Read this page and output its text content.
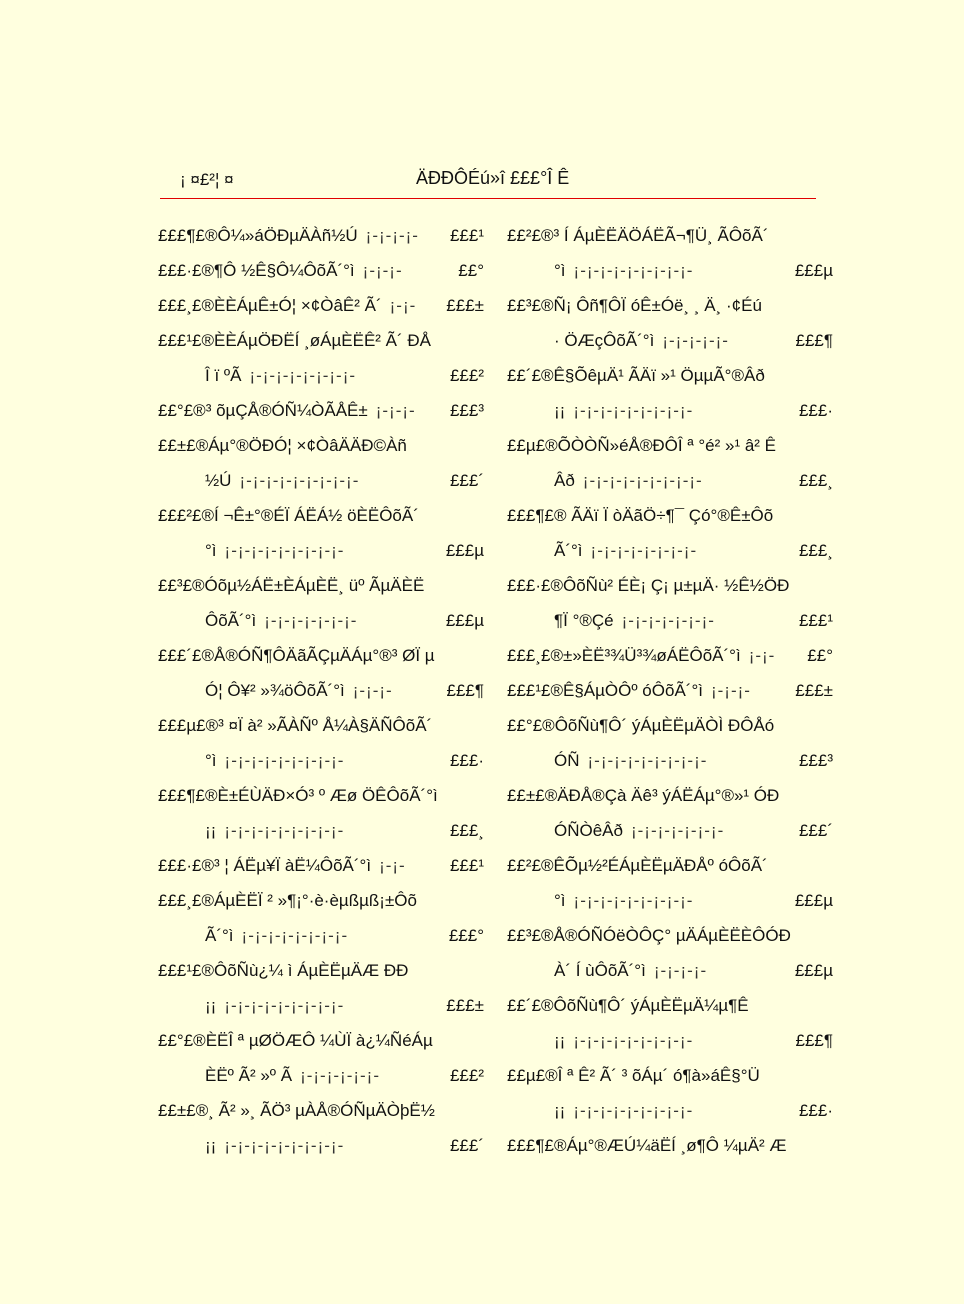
¡ ¤£²¦ ¤	ÄÐÐÔÉú»î £££°Î Ê
£££¶£®Ô¼»áÖÐµÄÀñ½Ú ¡-¡-¡-¡- £££¹
£££·£®¶Ô ½Ê§Ô¼ÔõÃ´°ì ¡-¡-¡-	££°
£££¸£®ÈÈÁµÊ±Ó¦ ×¢ÒâÊ² Ã´ ¡-¡- £££±
£££¹£®ÈÈÁµÖÐËÍ ¸øÁµÈËÊ² Ã´ ÐÅ
Î ï ºÃ ¡-¡-¡-¡-¡-¡-¡-¡-	£££²
££°£®³ õµÇÅ®ÓÑ¼ÒÃÅÊ± ¡-¡-¡- £££³
££±£®Áµ°®ÖÐÓ¦ ×¢ÒâÄÄÐ©Àñ
½Ú ¡-¡-¡-¡-¡-¡-¡-¡-¡-	£££´
£££²£®Í ¬Ê±°®ÉÏ ÁËÁ½ öÈËÔõÃ´
°ì ¡-¡-¡-¡-¡-¡-¡-¡-¡-	£££µ
££³£®Óõµ½ÁË±ÈÁµÈË¸ üº ÃµÄÈË
ÔõÃ´°ì ¡-¡-¡-¡-¡-¡-¡-	£££µ
£££´£®Å®ÓÑ¶ÔÄãÃÇµÄÁµ°®³ ØÏ µ
Ó¦ Ô¥² »¾öÔõÃ´°ì ¡-¡-¡-	£££¶
£££µ£®³ ¤Ï à² »ÃÀÑº Å¼À§ÄÑÔõÃ´
°ì ¡-¡-¡-¡-¡-¡-¡-¡-¡-	£££·
£££¶£®È±ÉÙÄÐ×Ó³ º Æø ÖÊÔõÃ´°ì
¡¡ ¡-¡-¡-¡-¡-¡-¡-¡-¡-	£££¸
£££·£®³ ¦ ÁËµ¥Ï àË¼ÔõÃ´°ì ¡-¡-	£££¹
£££¸£®ÁµÈËÏ ² »¶¡°·è·èµßµß¡±Ôõ
Ã´°ì ¡-¡-¡-¡-¡-¡-¡-¡-	£££°
£££¹£®ÔõÑù¿¼ ì ÁµÈËµÄÆ ÐÐ
¡¡ ¡-¡-¡-¡-¡-¡-¡-¡-¡-	£££±
££°£®ÈËÎ ª µØÖÆÔ ¼ÙÏ à¿¼ÑéÁµ
ÈËº Ã² »º Ã ¡-¡-¡-¡-¡-¡-	£££²
££±£®¸ Ã² »¸ ÃÖ³ µÀÅ®ÓÑµÄÒþË½
¡¡ ¡-¡-¡-¡-¡-¡-¡-¡-¡-	£££´
££²£®³ Í ÁµÈËÄÖÁËÃ¬¶Ü¸ ÃÔõÃ´
°ì ¡-¡-¡-¡-¡-¡-¡-¡-¡-	£££µ
££³£®Ñ¡ Ôñ¶ÔÏ óÊ±Óë¸ ¸ Ä¸ ·¢Éú
· ÖÆçÔõÃ´°ì ¡-¡-¡-¡-¡-	£££¶
££´£®Ê§ÕêµÄ¹ ÃÄï »¹ ÖµµÃ°®Âð
¡¡ ¡-¡-¡-¡-¡-¡-¡-¡-¡-	£££·
££µ£®ÕÒÒÑ»éÅ®ÐÔÎ ª °é² »¹ â² Ê
Âð ¡-¡-¡-¡-¡-¡-¡-¡-¡-	£££¸
£££¶£® ÃÄï Ï òÄãÖ÷¶¯ Çó°®Ê±Ôõ
Ã´°ì ¡-¡-¡-¡-¡-¡-¡-¡-	£££¸
£££·£®ÔõÑù² ÉÈ¡ Ç¡ µ±µÄ· ½Ê½ÖÐ
¶Ï °®Çé ¡-¡-¡-¡-¡-¡-¡-	£££¹
£££¸£®±»ÈË³¾Ü³¾øÁËÔõÃ´°ì ¡-¡- ££°
£££¹£®Ê§ÁµÒÔº óÔõÃ´°ì ¡-¡-¡-	£££±
££°£®ÔõÑù¶Ô´ ýÁµÈËµÄÒÌ ÐÔÅó
ÓÑ ¡-¡-¡-¡-¡-¡-¡-¡-¡-	£££³
££±£®ÄÐÅ®Çà Äê³ ýÁËÁµ°®»¹ ÓÐ
ÓÑÒêÂð ¡-¡-¡-¡-¡-¡-¡-	£££´
££²£®ÊÕµ½²ÉÁµÈËµÄÐÅº óÔõÃ´
°ì ¡-¡-¡-¡-¡-¡-¡-¡-¡-	£££µ
££³£®Å®ÓÑÓëÒÔÇ° µÄÁµÈËÈÔÓÐ
À´ Í ùÔõÃ´°ì ¡-¡-¡-¡-	£££µ
££´£®ÔõÑù¶Ô´ ýÁµÈËµÄ¼µ¶Ê
¡¡ ¡-¡-¡-¡-¡-¡-¡-¡-¡-	£££¶
££µ£®Î ª Ê² Ã´ ³ õÁµ´ ó¶à»áÊ§°Ü
¡¡ ¡-¡-¡-¡-¡-¡-¡-¡-¡-	£££·
£££¶£®Áµ°®ÆÚ¼äËÍ ¸ø¶Ô ¼µÄ² Æ
